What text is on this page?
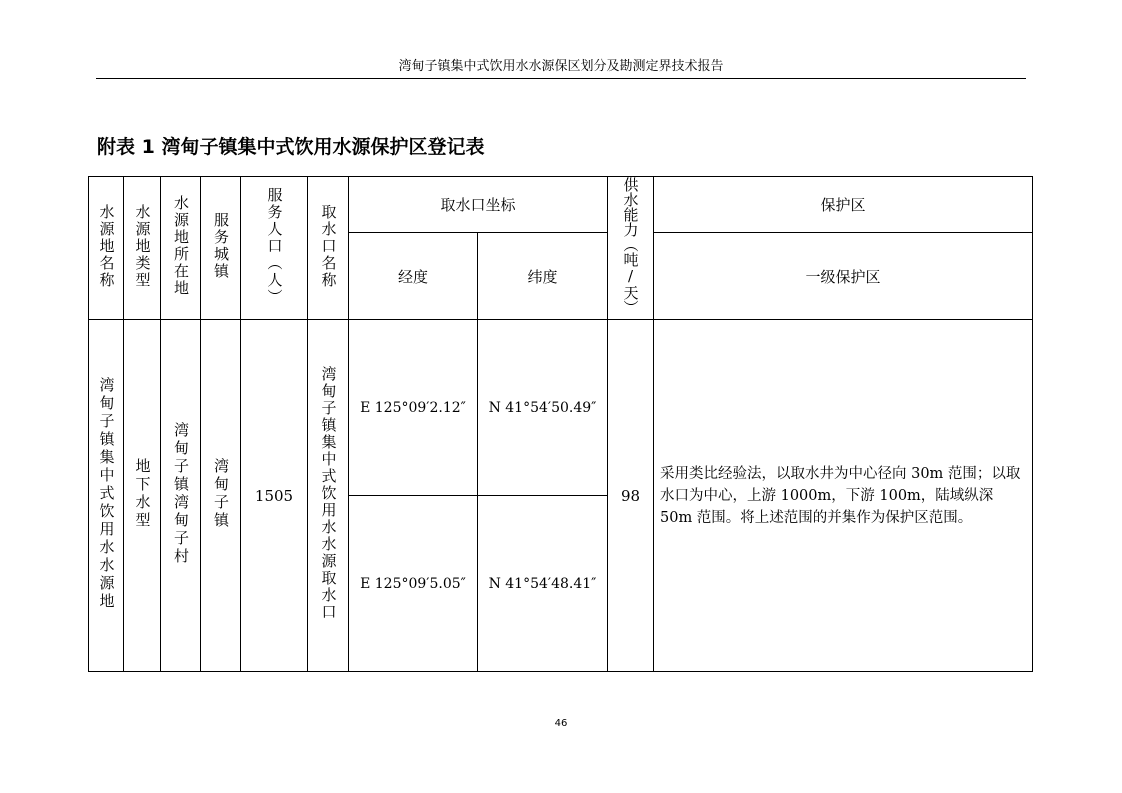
湾甸子镇集中式饮用水水源保区划分及勘测定界技术报告
附表 1 湾甸子镇集中式饮用水源保护区登记表
水源地名称	水源地类型	水源地所在地	服务城镇	服务人口（人）	取水口名称	取水口坐标		供水能力（吨/天）	保护区
						经度	纬度		一级保护区
湾甸子镇集中式饮用水水源地	地下水型	湾甸子镇湾甸子村	湾甸子镇	1505	湾甸子镇集中式饮用水水源取水口	E 125°09′2.12″	N 41°54′50.49″	98	采用类比经验法，以取水井为中心径向 30m 范围；以取水口为中心，上游 1000m，下游 100m，陆域纵深 50m 范围。将上述范围的并集作为保护区范围。
						E 125°09′5.05″	N 41°54′48.41″		
46
